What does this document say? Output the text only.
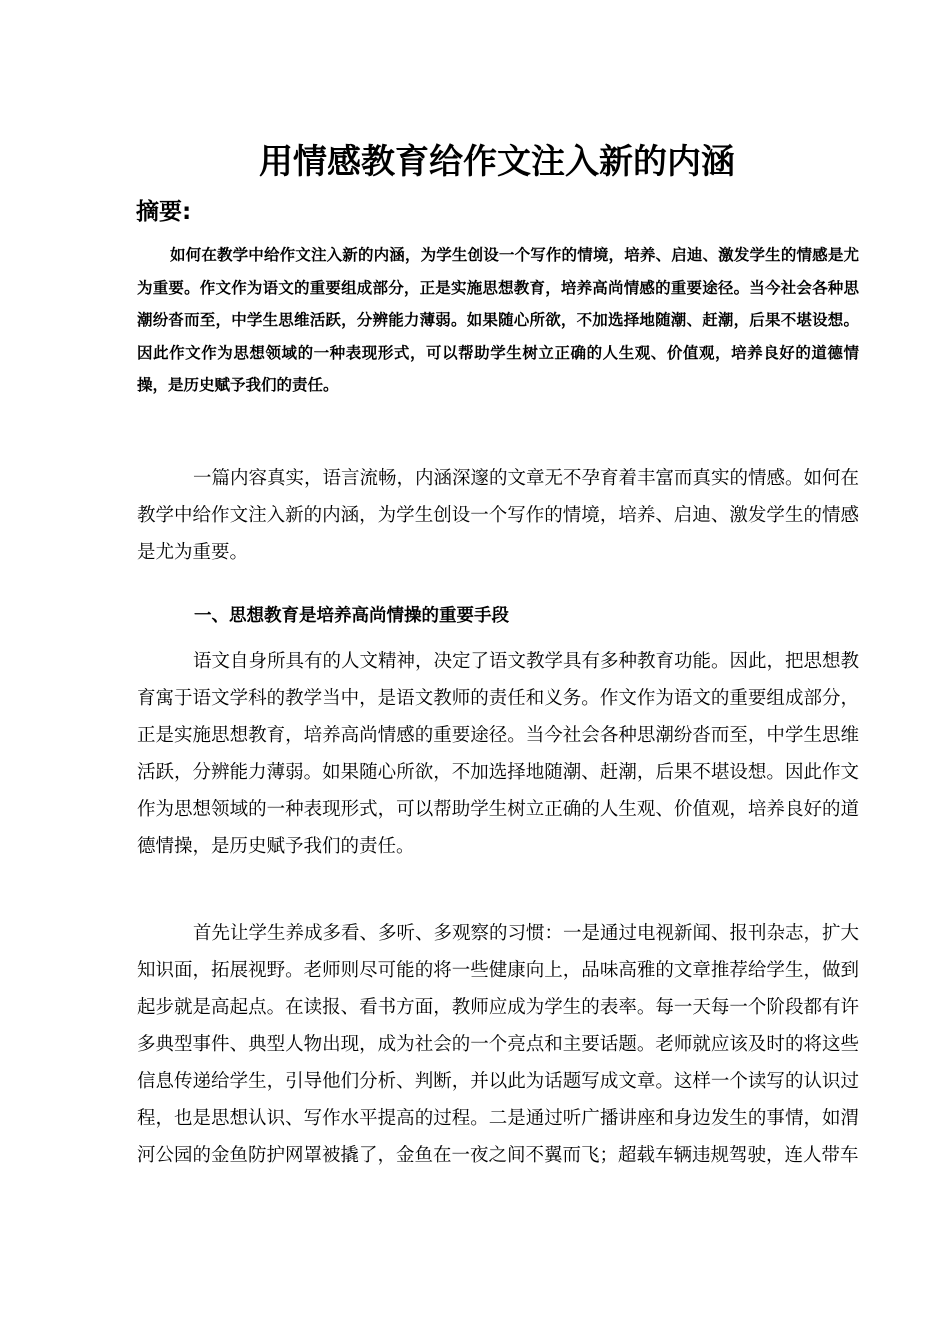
用情感教育给作文注入新的内涵
摘要:
如何在教学中给作文注入新的内涵，为学生创设一个写作的情境，培养、启迪、激发学生的情感是尤为重要。作文作为语文的重要组成部分，正是实施思想教育，培养高尚情感的重要途径。当今社会各种思潮纷沓而至，中学生思维活跃，分辨能力薄弱。如果随心所欲，不加选择地随潮、赶潮，后果不堪设想。因此作文作为思想领域的一种表现形式，可以帮助学生树立正确的人生观、价值观，培养良好的道德情操，是历史赋予我们的责任。
一篇内容真实，语言流畅，内涵深邃的文章无不孕育着丰富而真实的情感。如何在教学中给作文注入新的内涵，为学生创设一个写作的情境，培养、启迪、激发学生的情感是尤为重要。
一、思想教育是培养高尚情操的重要手段
语文自身所具有的人文精神，决定了语文教学具有多种教育功能。因此，把思想教育寓于语文学科的教学当中，是语文教师的责任和义务。作文作为语文的重要组成部分，正是实施思想教育，培养高尚情感的重要途径。当今社会各种思潮纷沓而至，中学生思维活跃，分辨能力薄弱。如果随心所欲，不加选择地随潮、赶潮，后果不堪设想。因此作文作为思想领域的一种表现形式，可以帮助学生树立正确的人生观、价值观，培养良好的道德情操，是历史赋予我们的责任。
首先让学生养成多看、多听、多观察的习惯：一是通过电视新闻、报刊杂志，扩大知识面，拓展视野。老师则尽可能的将一些健康向上，品味高雅的文章推荐给学生，做到起步就是高起点。在读报、看书方面，教师应成为学生的表率。每一天每一个阶段都有许多典型事件、典型人物出现，成为社会的一个亮点和主要话题。老师就应该及时的将这些信息传递给学生，引导他们分析、判断，并以此为话题写成文章。这样一个读写的认识过程，也是思想认识、写作水平提高的过程。二是通过听广播讲座和身边发生的事情，如渭河公园的金鱼防护网罩被撬了，金鱼在一夜之间不翼而飞；超载车辆违规驾驶，连人带车
